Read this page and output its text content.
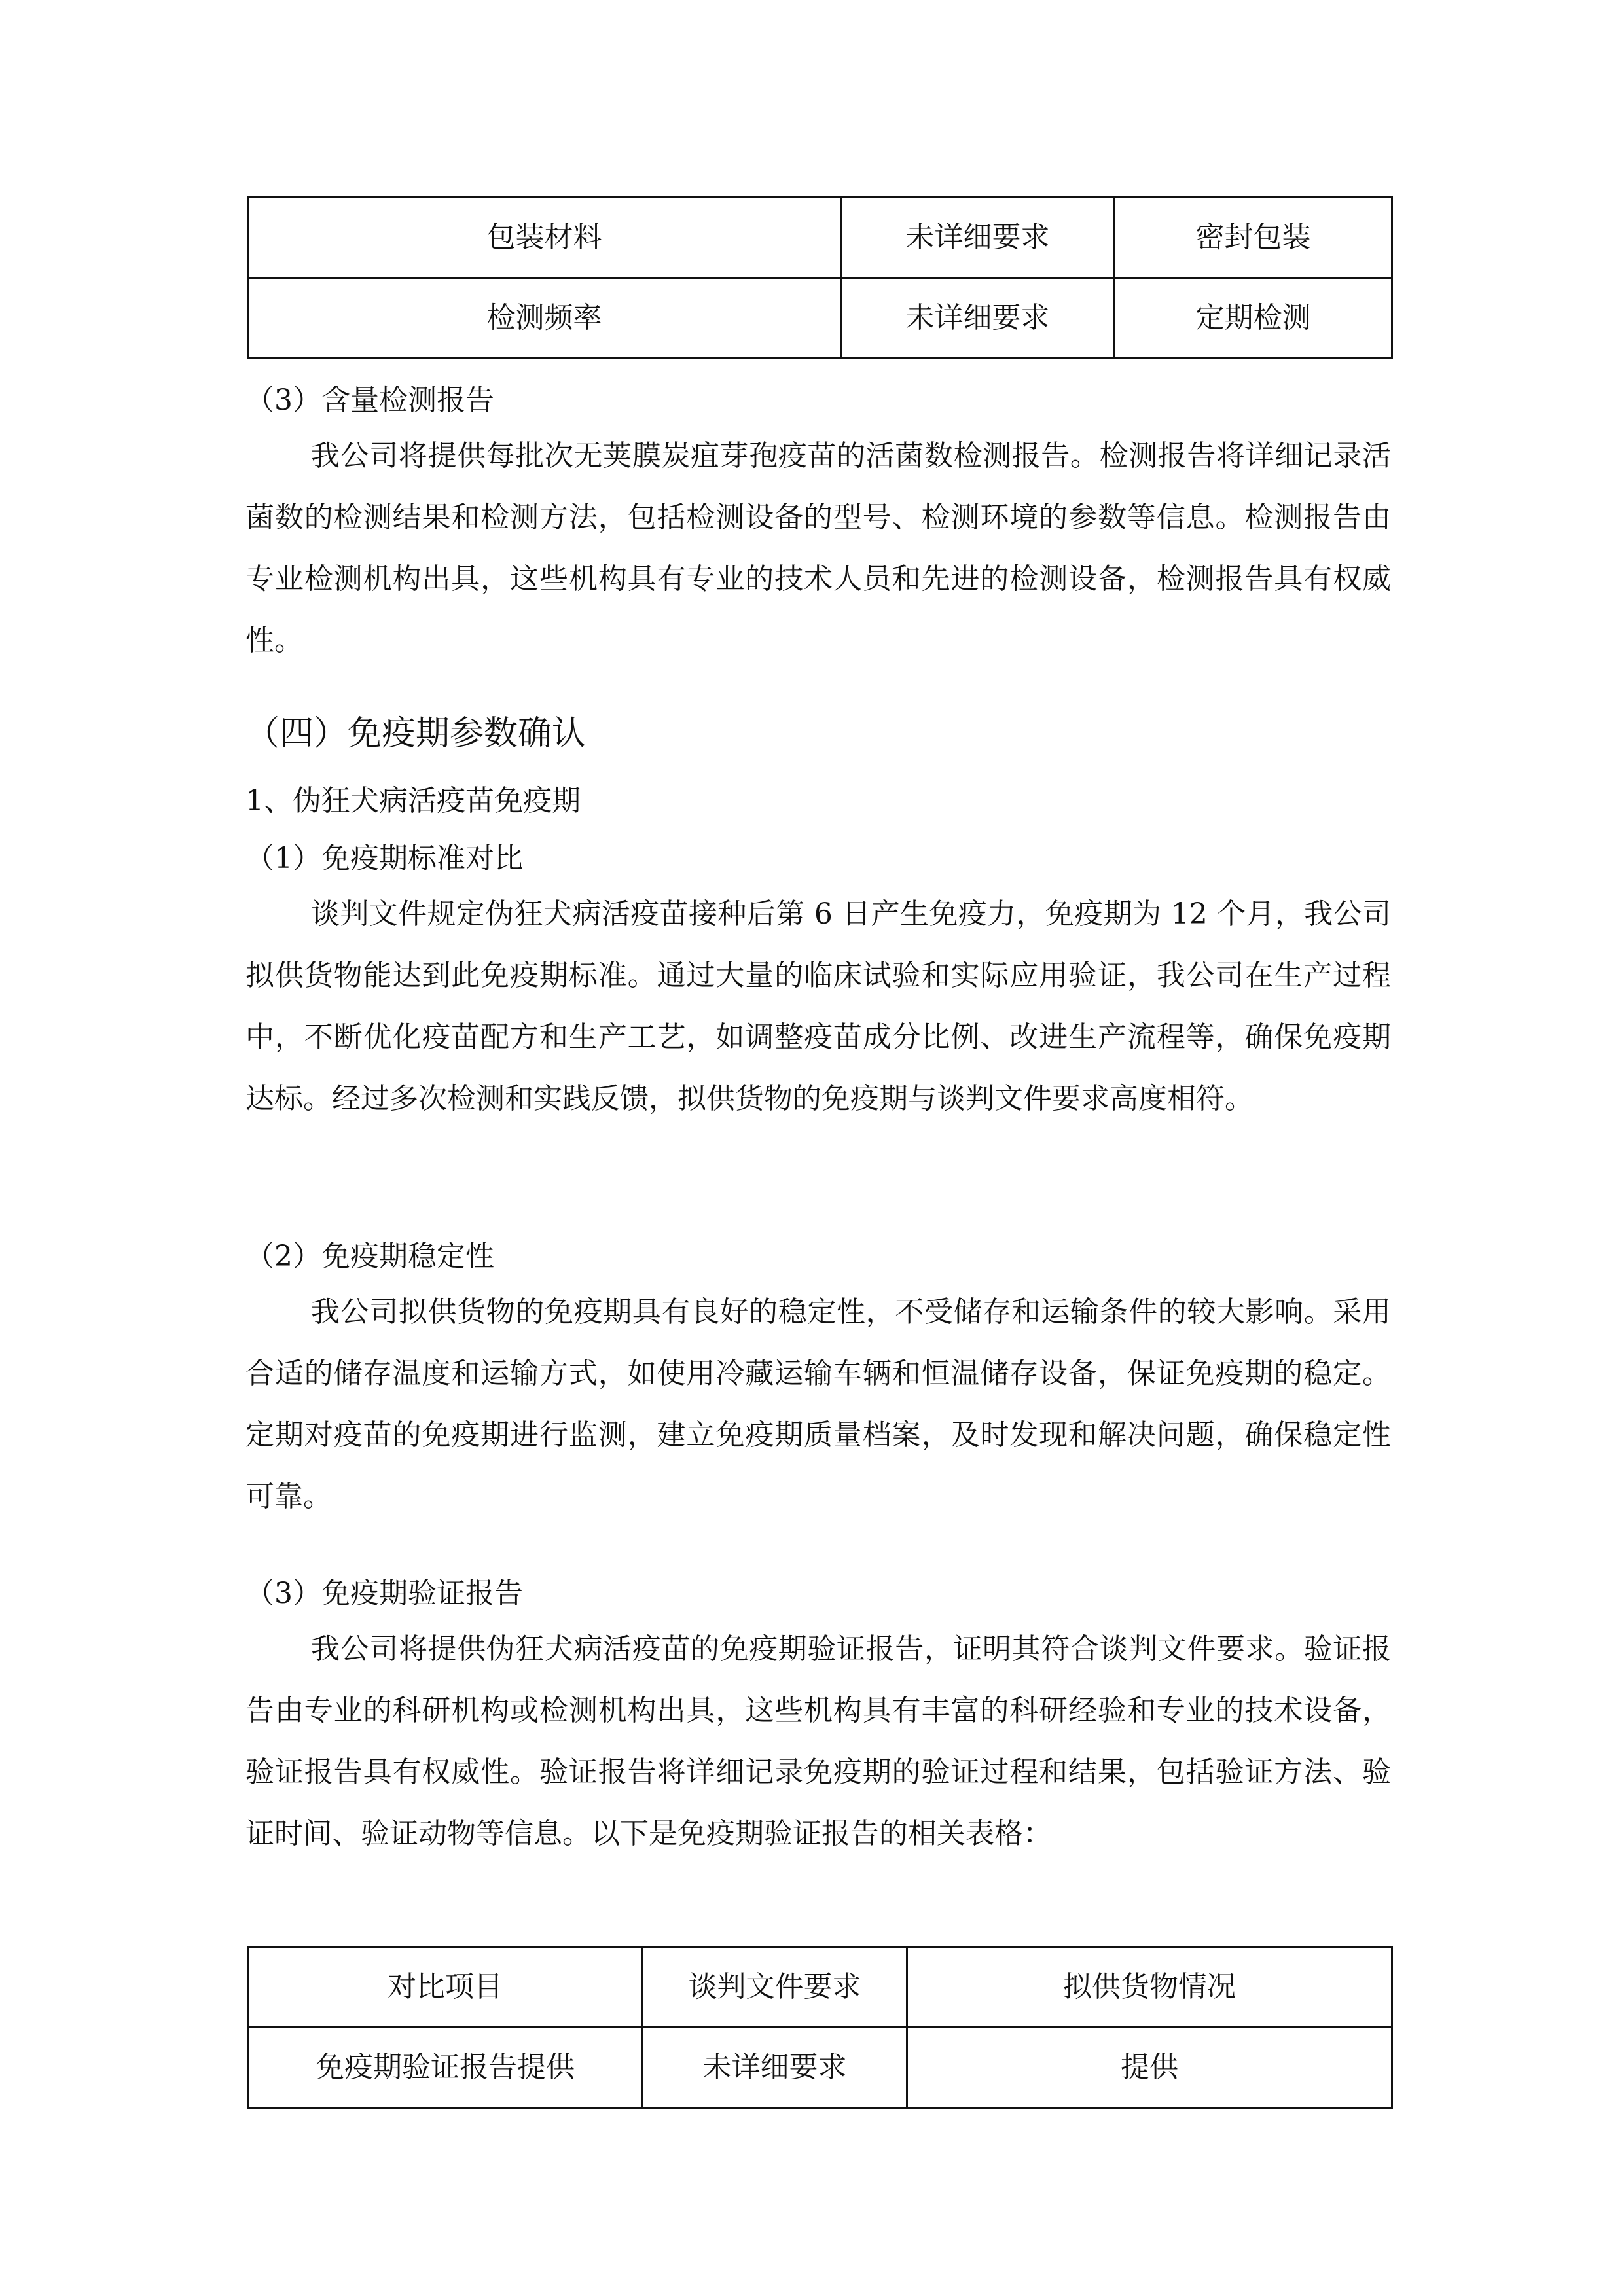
包装材料	未详细要求	密封包装
检测频率	未详细要求	定期检测
（3）含量检测报告

我公司将提供每批次无荚膜炭疽芽孢疫苗的活菌数检测报告。检测报告将详细记录活菌数的检测结果和检测方法，包括检测设备的型号、检测环境的参数等信息。检测报告由专业检测机构出具，这些机构具有专业的技术人员和先进的检测设备，检测报告具有权威性。

（四）免疫期参数确认
1、伪狂犬病活疫苗免疫期
（1）免疫期标准对比

谈判文件规定伪狂犬病活疫苗接种后第 6 日产生免疫力，免疫期为 12 个月，我公司拟供货物能达到此免疫期标准。通过大量的临床试验和实际应用验证，我公司在生产过程中，不断优化疫苗配方和生产工艺，如调整疫苗成分比例、改进生产流程等，确保免疫期达标。经过多次检测和实践反馈，拟供货物的免疫期与谈判文件要求高度相符。

（2）免疫期稳定性

我公司拟供货物的免疫期具有良好的稳定性，不受储存和运输条件的较大影响。采用合适的储存温度和运输方式，如使用冷藏运输车辆和恒温储存设备，保证免疫期的稳定。定期对疫苗的免疫期进行监测，建立免疫期质量档案，及时发现和解决问题，确保稳定性可靠。

（3）免疫期验证报告

我公司将提供伪狂犬病活疫苗的免疫期验证报告，证明其符合谈判文件要求。验证报告由专业的科研机构或检测机构出具，这些机构具有丰富的科研经验和专业的技术设备，验证报告具有权威性。验证报告将详细记录免疫期的验证过程和结果，包括验证方法、验证时间、验证动物等信息。以下是免疫期验证报告的相关表格：

对比项目	谈判文件要求	拟供货物情况
免疫期验证报告提供	未详细要求	提供
